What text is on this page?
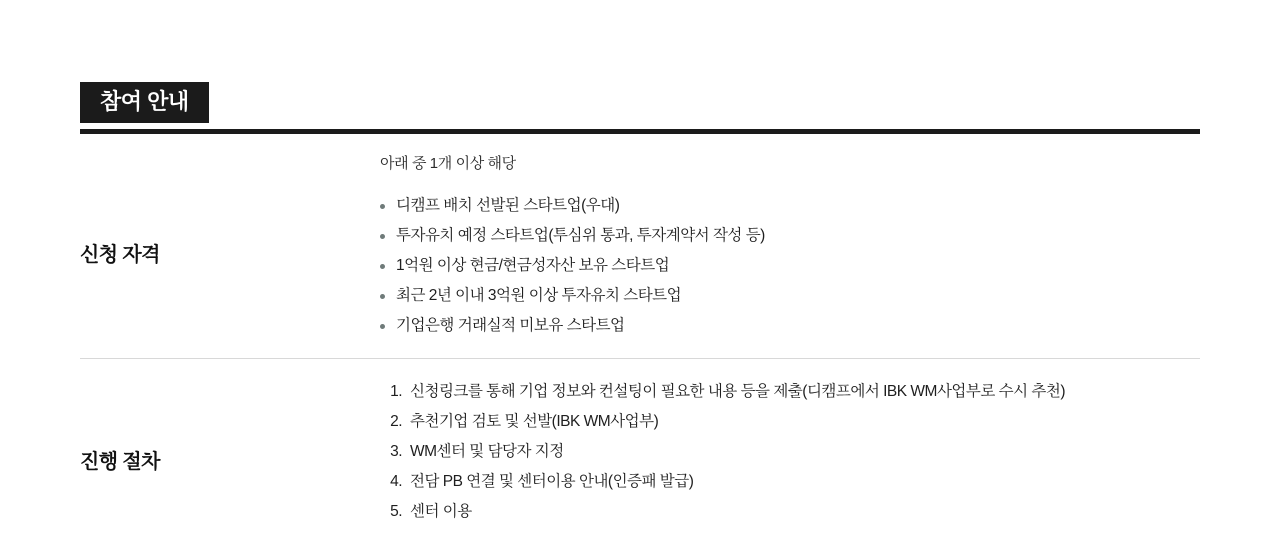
참여 안내
신청 자격

아래 중 1개 이상 해당

디캠프 배치 선발된 스타트업(우대)
투자유치 예정 스타트업(투심위 통과, 투자계약서 작성 등)
1억원 이상 현금/현금성자산 보유 스타트업
최근 2년 이내 3억원 이상 투자유치 스타트업
기업은행 거래실적 미보유 스타트업
진행 절차
신청링크를 통해 기업 정보와 컨설팅이 필요한 내용 등을 제출(디캠프에서 IBK WM사업부로 수시 추천)
추천기업 검토 및 선발(IBK WM사업부)
WM센터 및 담당자 지정
전담 PB 연결 및 센터이용 안내(인증패 발급)
센터 이용
